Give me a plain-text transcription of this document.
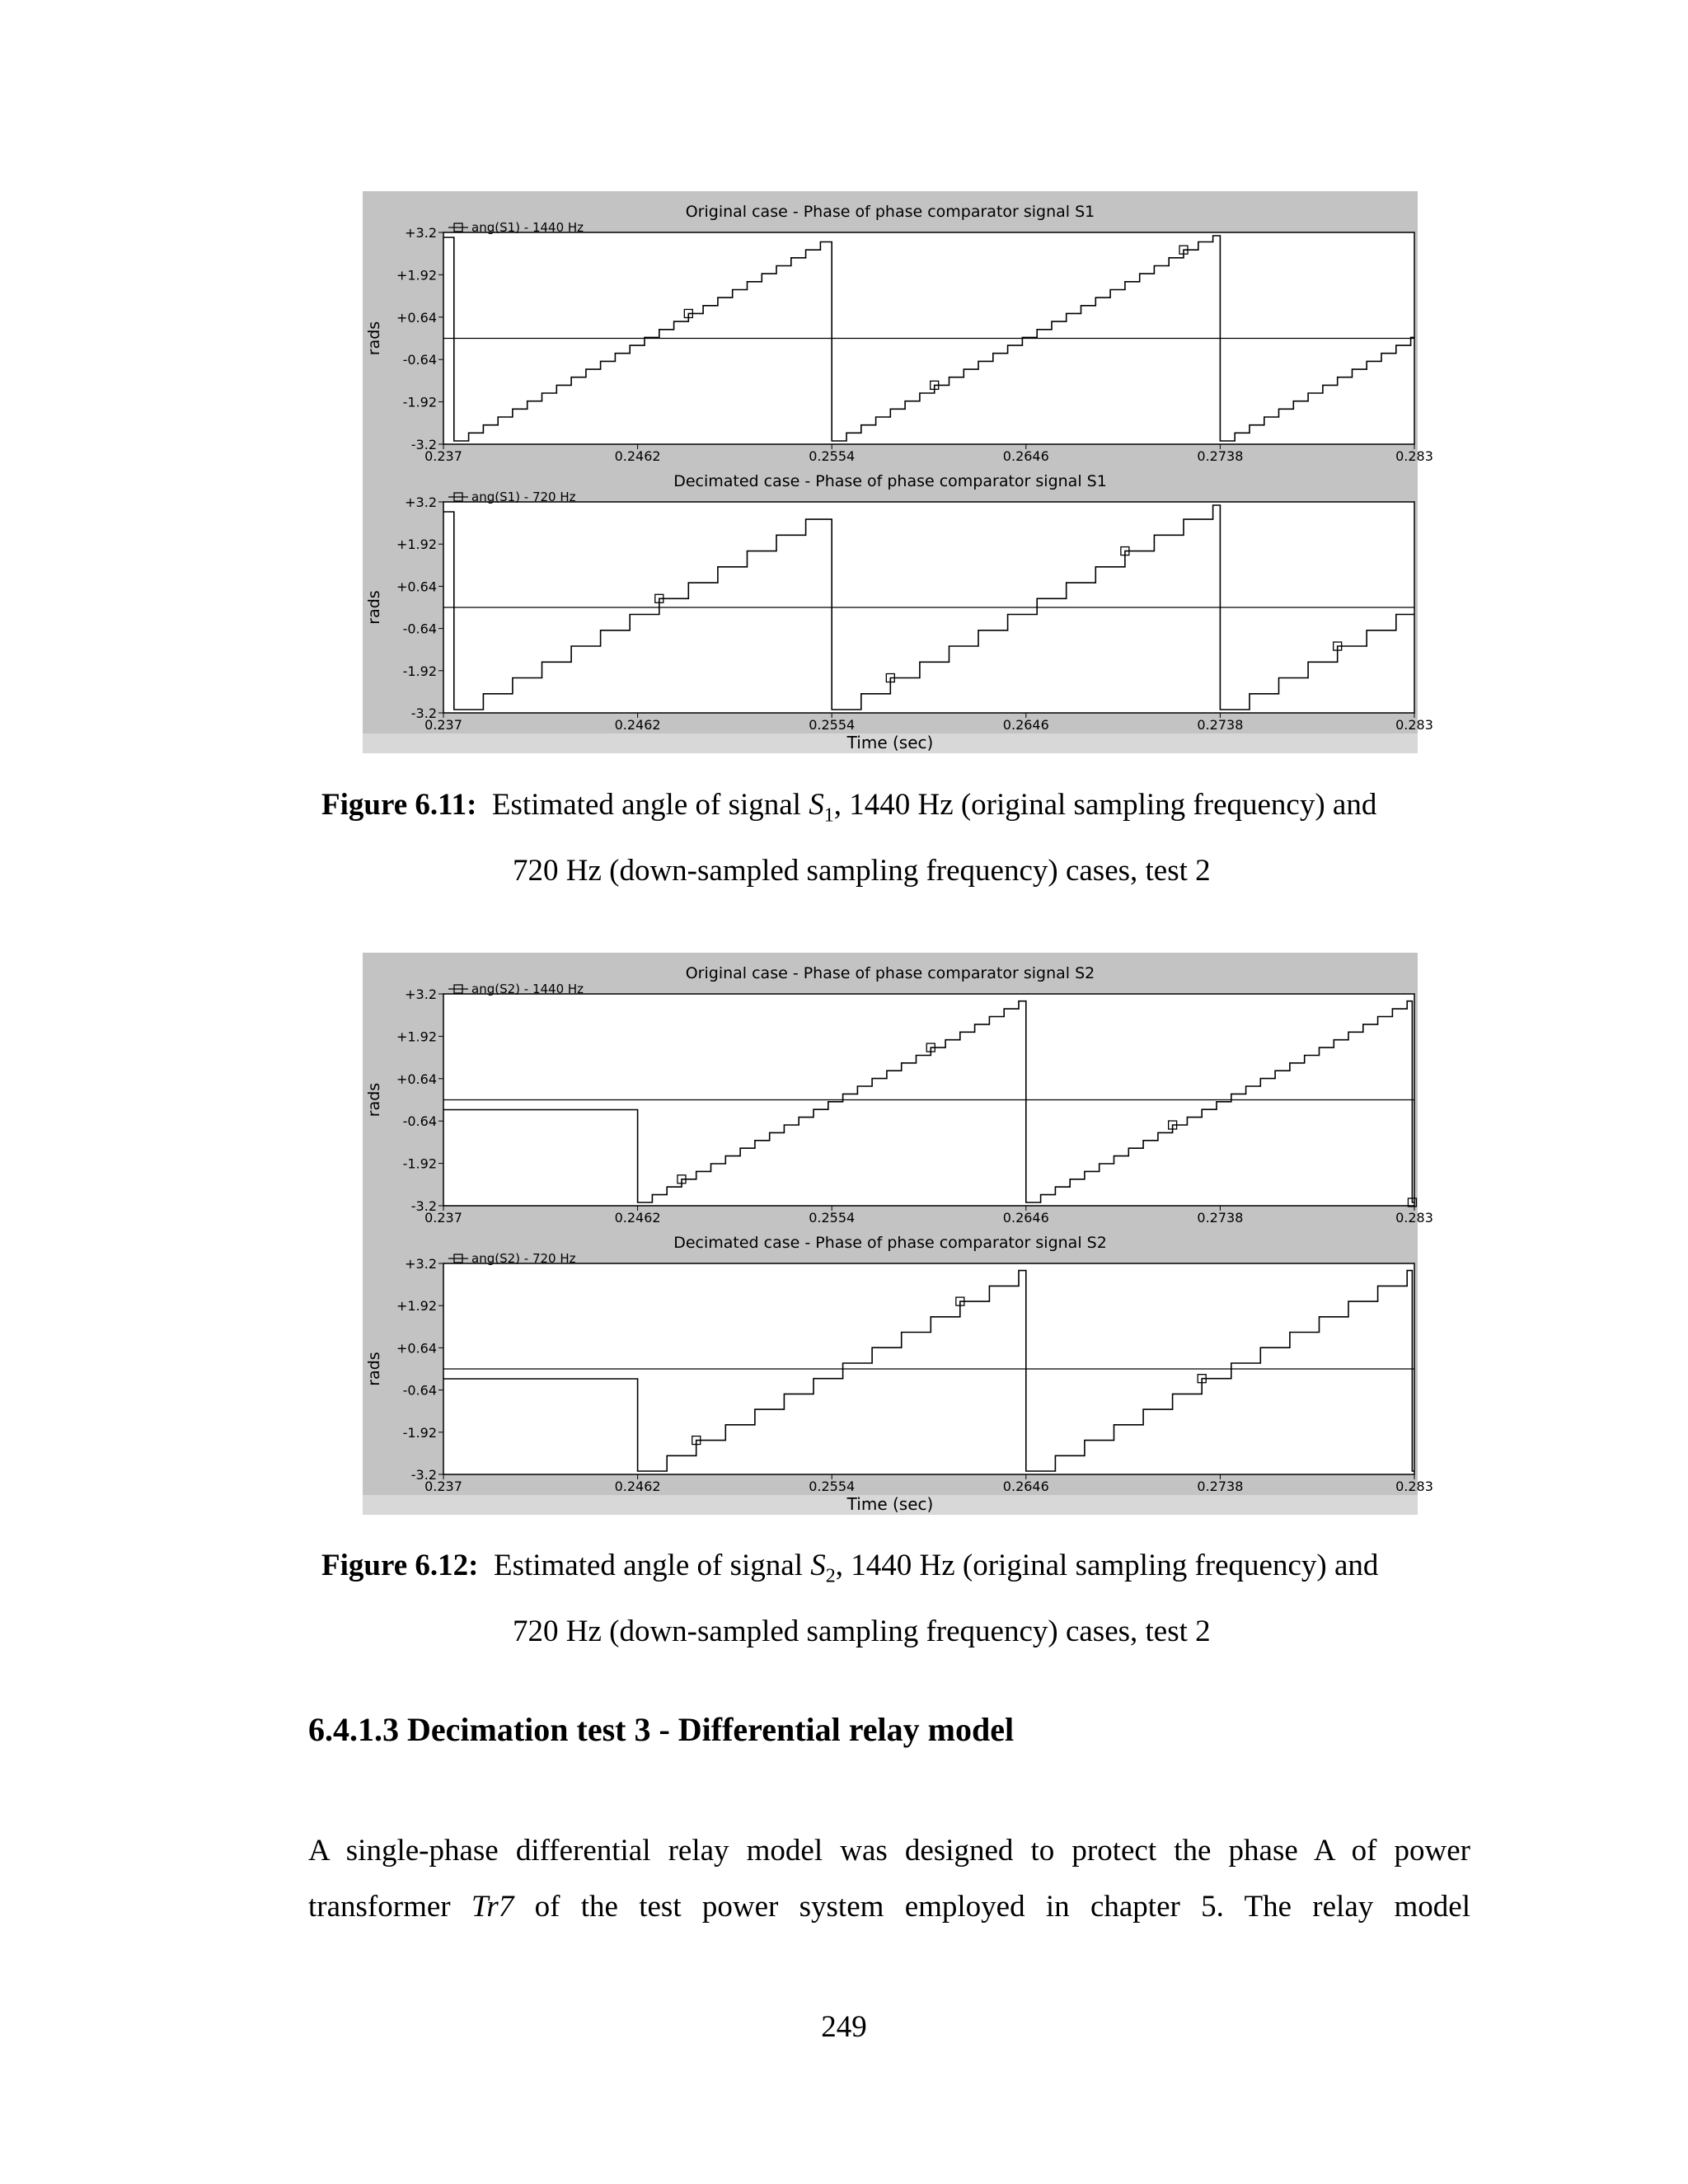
Original case - Phase of phase comparator signal S1
rads
+3.2
+1.92
+0.64
-0.64
-1.92
-3.2
0.237	0.2462	0.2554	0.2646	0.2738	0.283
ang(S1) - 1440 Hz
Decimated case - Phase of phase comparator signal S1
rads
+3.2
+1.92
+0.64
-0.64
-1.92
-3.2
0.237	0.2462	0.2554	0.2646	0.2738	0.283
ang(S1) - 720 Hz
Time (sec)
Figure 6.11: Estimated angle of signal $S_1$, 1440 Hz (original sampling frequency) and
720 Hz (down-sampled sampling frequency) cases, test 2
Original case - Phase of phase comparator signal S2
rads
+3.2
+1.92
+0.64
-0.64
-1.92
-3.2
0.237	0.2462	0.2554	0.2646	0.2738	0.283
ang(S2) - 1440 Hz
Decimated case - Phase of phase comparator signal S2
rads
+3.2
+1.92
+0.64
-0.64
-1.92
-3.2
0.237	0.2462	0.2554	0.2646	0.2738	0.283
ang(S2) - 720 Hz
Time (sec)
Figure 6.12: Estimated angle of signal $S_2$, 1440 Hz (original sampling frequency) and
720 Hz (down-sampled sampling frequency) cases, test 2
6.4.1.3 Decimation test 3 - Differential relay model
A single-phase differential relay model was designed to protect the phase A of power
transformer Tr7 of the test power system employed in chapter 5. The relay model
249
